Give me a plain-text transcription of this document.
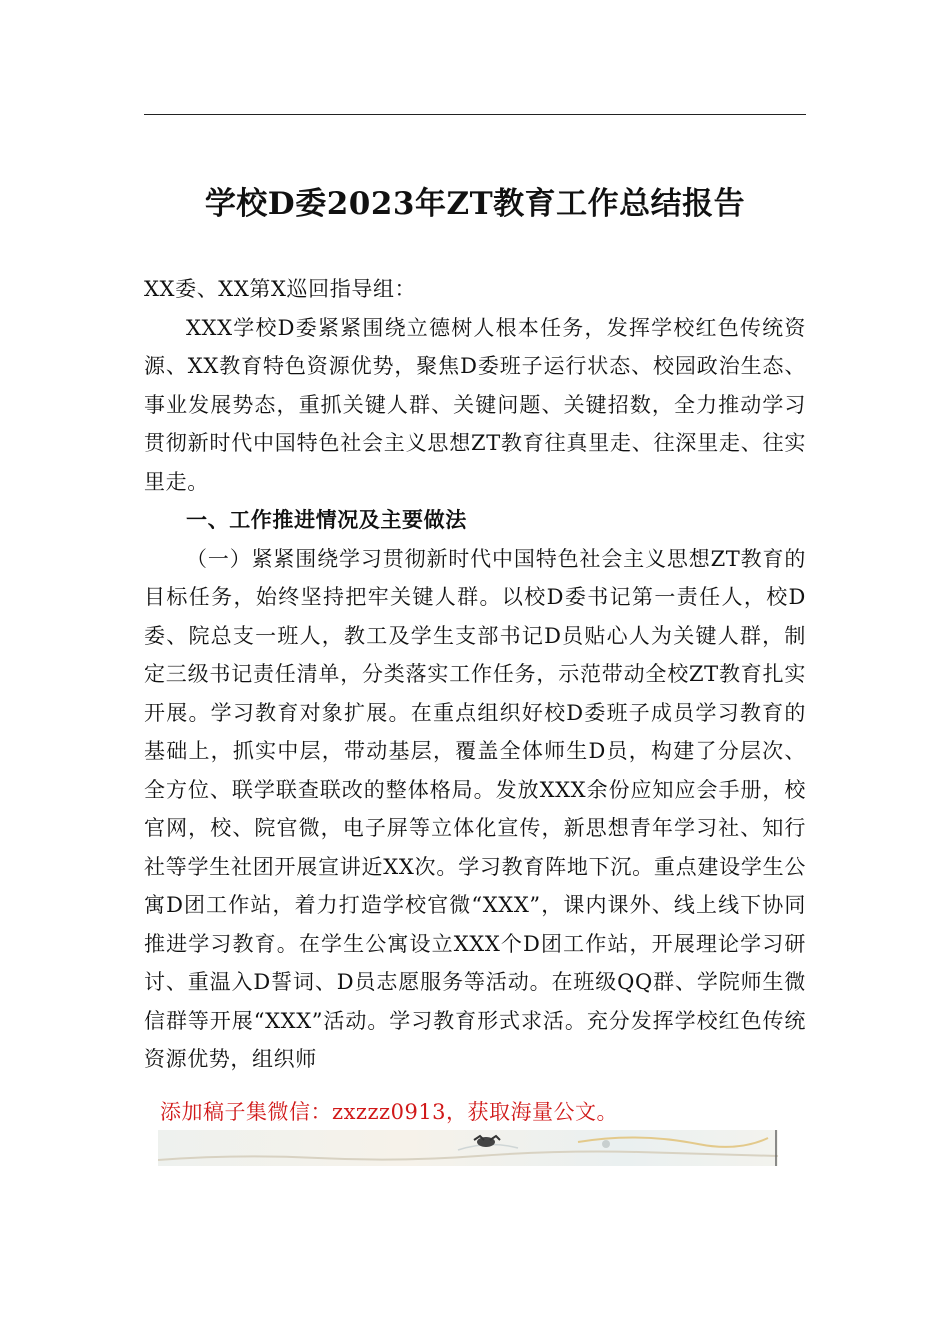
学校D委2023年ZT教育工作总结报告

XX委、XX第X巡回指导组：

XXX学校D委紧紧围绕立德树人根本任务，发挥学校红色传统资源、XX教育特色资源优势，聚焦D委班子运行状态、校园政治生态、事业发展势态，重抓关键人群、关键问题、关键招数，全力推动学习贯彻新时代中国特色社会主义思想ZT教育往真里走、往深里走、往实里走。

一、工作推进情况及主要做法

（一）紧紧围绕学习贯彻新时代中国特色社会主义思想ZT教育的目标任务，始终坚持把牢关键人群。以校D委书记第一责任人，校D委、院总支一班人，教工及学生支部书记D员贴心人为关键人群，制定三级书记责任清单，分类落实工作任务，示范带动全校ZT教育扎实开展。学习教育对象扩展。在重点组织好校D委班子成员学习教育的基础上，抓实中层，带动基层，覆盖全体师生D员，构建了分层次、全方位、联学联查联改的整体格局。发放XXX余份应知应会手册，校官网，校、院官微，电子屏等立体化宣传，新思想青年学习社、知行社等学生社团开展宣讲近XX次。学习教育阵地下沉。重点建设学生公寓D团工作站，着力打造学校官微“XXX”，课内课外、线上线下协同推进学习教育。在学生公寓设立XXX个D团工作站，开展理论学习研讨、重温入D誓词、D员志愿服务等活动。在班级QQ群、学院师生微信群等开展“XXX”活动。学习教育形式求活。充分发挥学校红色传统资源优势，组织师

添加稿子集微信：zxzzz0913，获取海量公文。
